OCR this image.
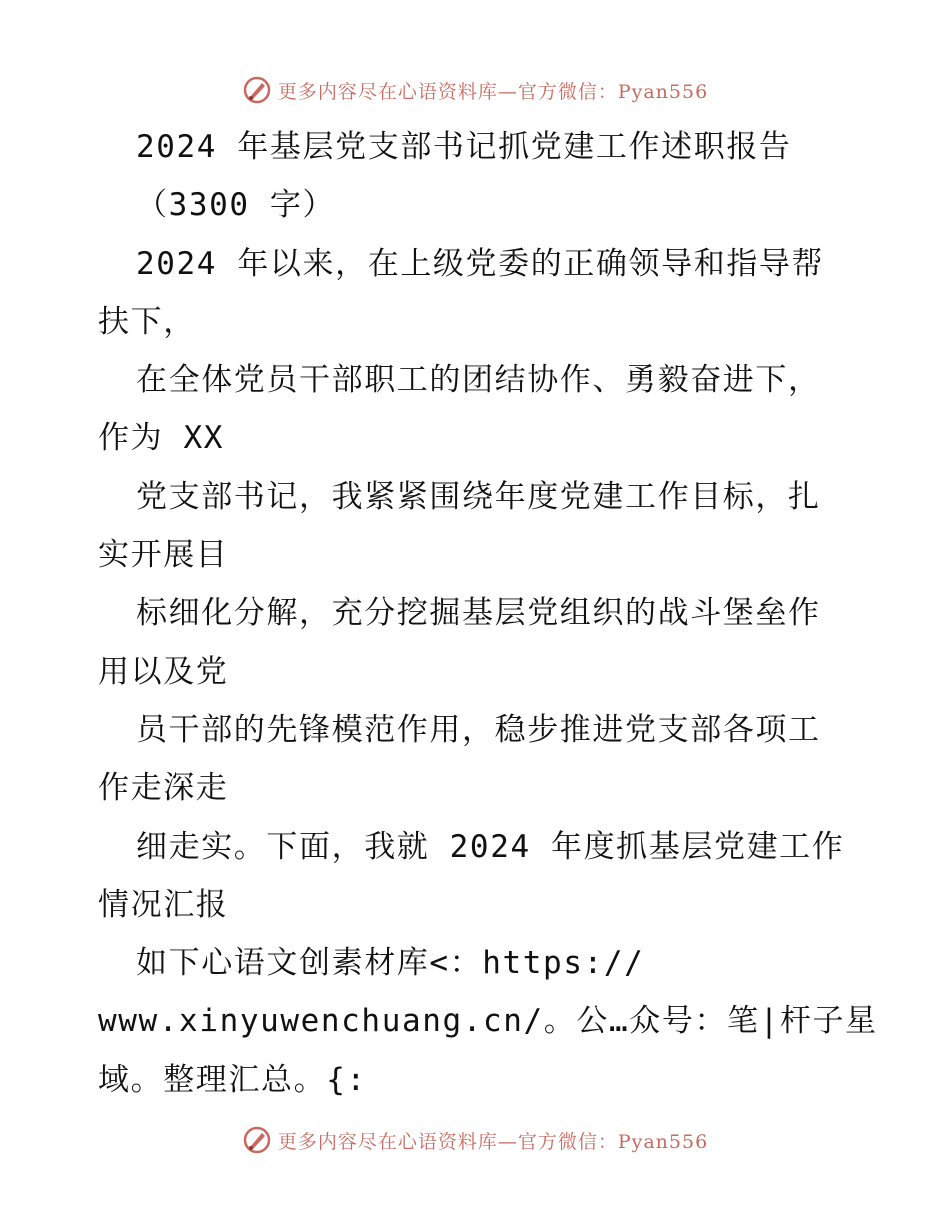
更多内容尽在心语资料库—官方微信：Pyan556
2024 年基层党支部书记抓党建工作述职报告
（3300 字）
2024 年以来，在上级党委的正确领导和指导帮
扶下，
在全体党员干部职工的团结协作、勇毅奋进下，
作为 XX
党支部书记，我紧紧围绕年度党建工作目标，扎
实开展目
标细化分解，充分挖掘基层党组织的战斗堡垒作
用以及党
员干部的先锋模范作用，稳步推进党支部各项工
作走深走
细走实。下面，我就 2024 年度抓基层党建工作
情况汇报
如下心语文创素材库<：https://
www.xinyuwenchuang.cn/。公…众号：笔|杆子星
域。整理汇总。{:
更多内容尽在心语资料库—官方微信：Pyan556
